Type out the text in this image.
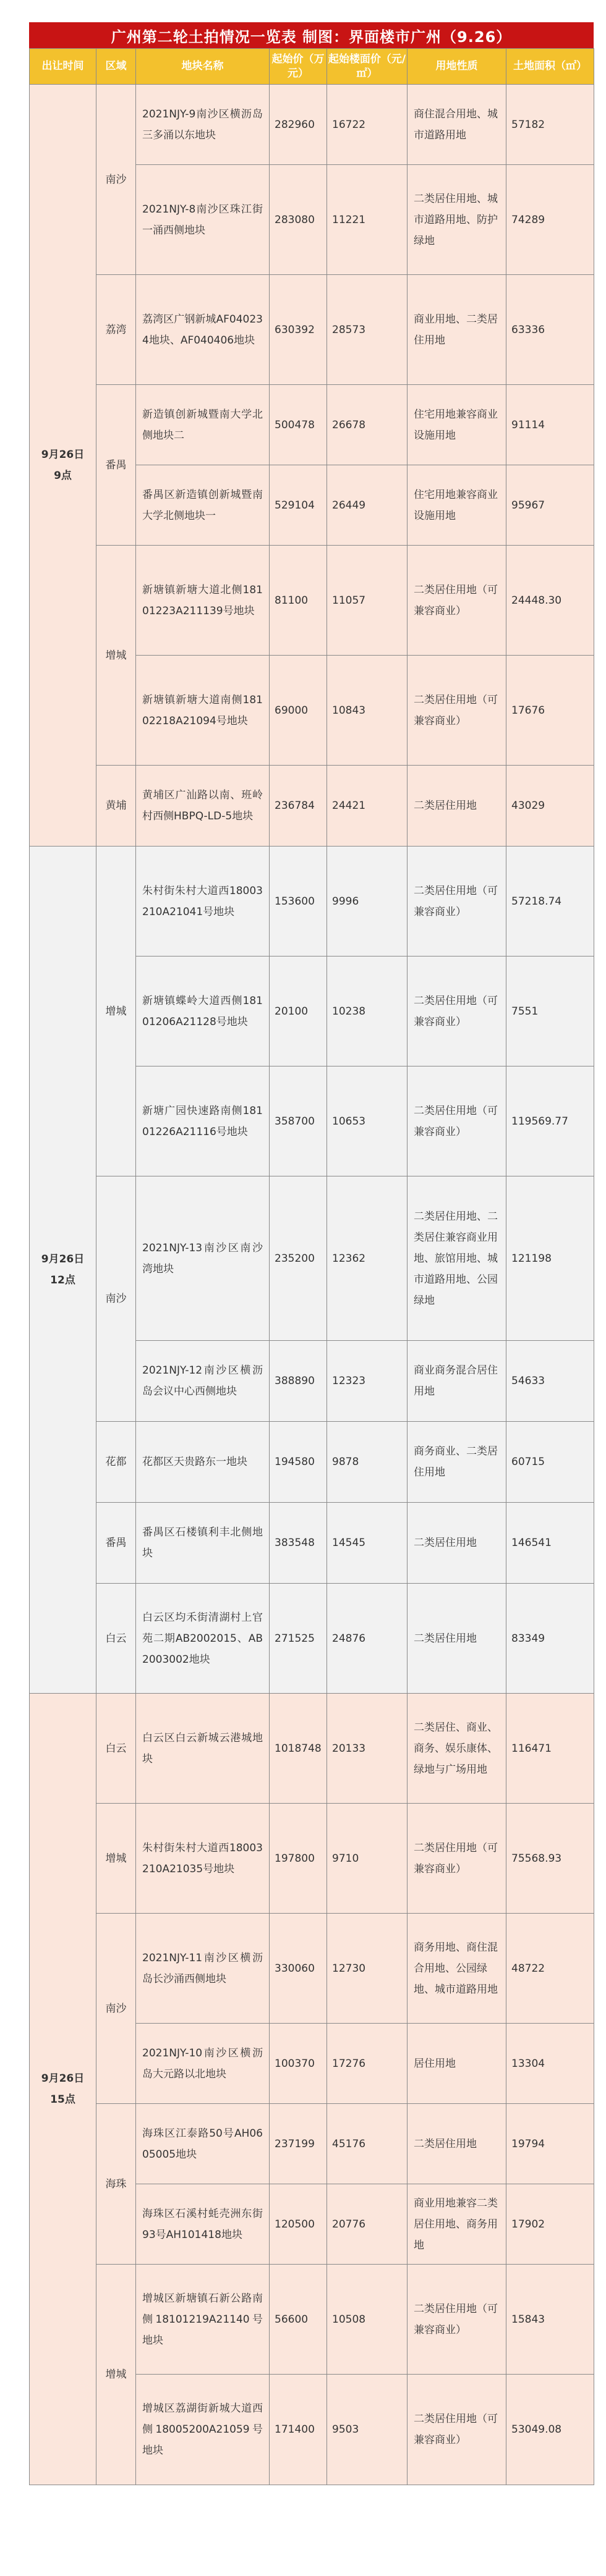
广州第二轮土拍情况一览表 制图：界面楼市广州（9.26）
出让时间	区域	地块名称	起始价（万元）	起始楼面价（元/㎡）	用地性质	土地面积（㎡）

9月26日
9点	南沙	2021NJY-9南沙区横沥岛三多涌以东地块	282960	16722	商住混合用地、城市道路用地	57182
		2021NJY-8南沙区珠江街一涌西侧地块	283080	11221	二类居住用地、城市道路用地、防护绿地	74289
	荔湾	荔湾区广钢新城AF040234地块、AF040406地块	630392	28573	商业用地、二类居住用地	63336
	番禺	新造镇创新城暨南大学北侧地块二	500478	26678	住宅用地兼容商业设施用地	91114
		番禺区新造镇创新城暨南大学北侧地块一	529104	26449	住宅用地兼容商业设施用地	95967
	增城	新塘镇新塘大道北侧18101223A21113​9号地块	81100	11057	二类居住用地（可兼容商业）	24448.30
		新塘镇新塘大道南侧18102218A21094号地块	69000	10843	二类居住用地（可兼容商业）	17676
	黄埔	黄埔区广汕路以南、班岭村西侧HBPQ-LD-5地块	236784	24421	二类居住用地	43029

9月26日
12点	增城	朱村街朱村大道西18003210A21041号地块	153600	9996	二类居住用地（可兼容商业）	57218.74
		新塘镇蝶岭大道西侧18101206A21128号地块	20100	10238	二类居住用地（可兼容商业）	7551
		新塘广园快速路南侧18101226A21116号地块	358700	10653	二类居住用地（可兼容商业）	119569.77
	南沙	2021NJY-13南沙区南沙湾地块	235200	12362	二类居住用地、二类居住兼容商业用地、旅馆用地、城市道路用地、公园绿地	121198
		2021NJY-12南沙区横沥岛会议中心西侧地块	388890	12323	商业商务混合居住用地	54633
	花都	花都区天贵路东一地块	194580	9878	商务商业、二类居住用地	60715
	番禺	番禺区石楼镇利丰北侧地块	383548	14545	二类居住用地	146541
	白云	白云区均禾街清湖村上官苑二期AB2002015、AB2003002地块	271525	24876	二类居住用地	83349

9月26日
15点	白云	白云区白云新城云港城地块	1018748	20133	二类居住、商业、商务、娱乐康体、绿地与广场用地	116471
	增城	朱村街朱村大道西18003210A21035号地块	197800	9710	二类居住用地（可兼容商业）	75568.93
	南沙	2021NJY-11南沙区横沥岛长沙涌西侧地块	330060	12730	商务用地、商住混合用地、公园绿地、城市道路用地	48722
		2021NJY-10南沙区横沥岛大元路以北地块	100370	17276	居住用地	13304
	海珠	海珠区江泰路50号AH0605005地块	237199	45176	二类居住用地	19794
		海珠区石溪村蚝壳洲东街93号AH101418地块	120500	20776	商业用地兼容二类居住用地、商务用地	17902
	增城	增城区新塘镇石新公路南侧18101219A21140号地块	56600	10508	二类居住用地（可兼容商业）	15843
		增城区荔湖街新城大道西侧18005200A21059号地块	171400	9503	二类居住用地（可兼容商业）	53049.08
